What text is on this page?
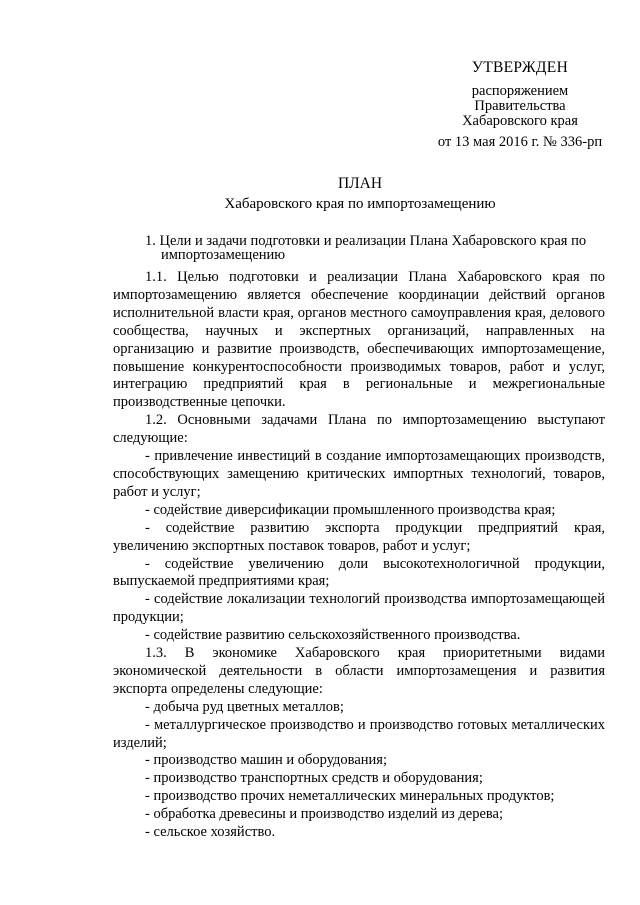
УТВЕРЖДЕН
распоряжением
Правительства
Хабаровского края
от 13 мая 2016 г. № 336-рп
ПЛАН
Хабаровского края по импортозамещению
1. Цели и задачи подготовки и реализации Плана Хабаровского края по
импортозамещению

1.1. Целью подготовки и реализации Плана Хабаровского края по импортозамещению является обеспечение координации действий органов исполнительной власти края, органов местного самоуправления края, делового сообщества, научных и экспертных организаций, направленных на организацию и развитие производств, обеспечивающих импортозамещение, повышение конкурентоспособности производимых товаров, работ и услуг, интеграцию предприятий края в региональные и межрегиональные производственные цепочки.

1.2. Основными задачами Плана по импортозамещению выступают следующие:

- привлечение инвестиций в создание импортозамещающих производств, способствующих замещению критических импортных технологий, товаров, работ и услуг;

- содействие диверсификации промышленного производства края;

- содействие развитию экспорта продукции предприятий края, увеличению экспортных поставок товаров, работ и услуг;

- содействие увеличению доли высокотехнологичной продукции, выпускаемой предприятиями края;

- содействие локализации технологий производства импортозамещающей продукции;

- содействие развитию сельскохозяйственного производства.

1.3. В экономике Хабаровского края приоритетными видами экономической деятельности в области импортозамещения и развития экспорта определены следующие:

- добыча руд цветных металлов;

- металлургическое производство и производство готовых металлических изделий;

- производство машин и оборудования;

- производство транспортных средств и оборудования;

- производство прочих неметаллических минеральных продуктов;

- обработка древесины и производство изделий из дерева;

- сельское хозяйство.
